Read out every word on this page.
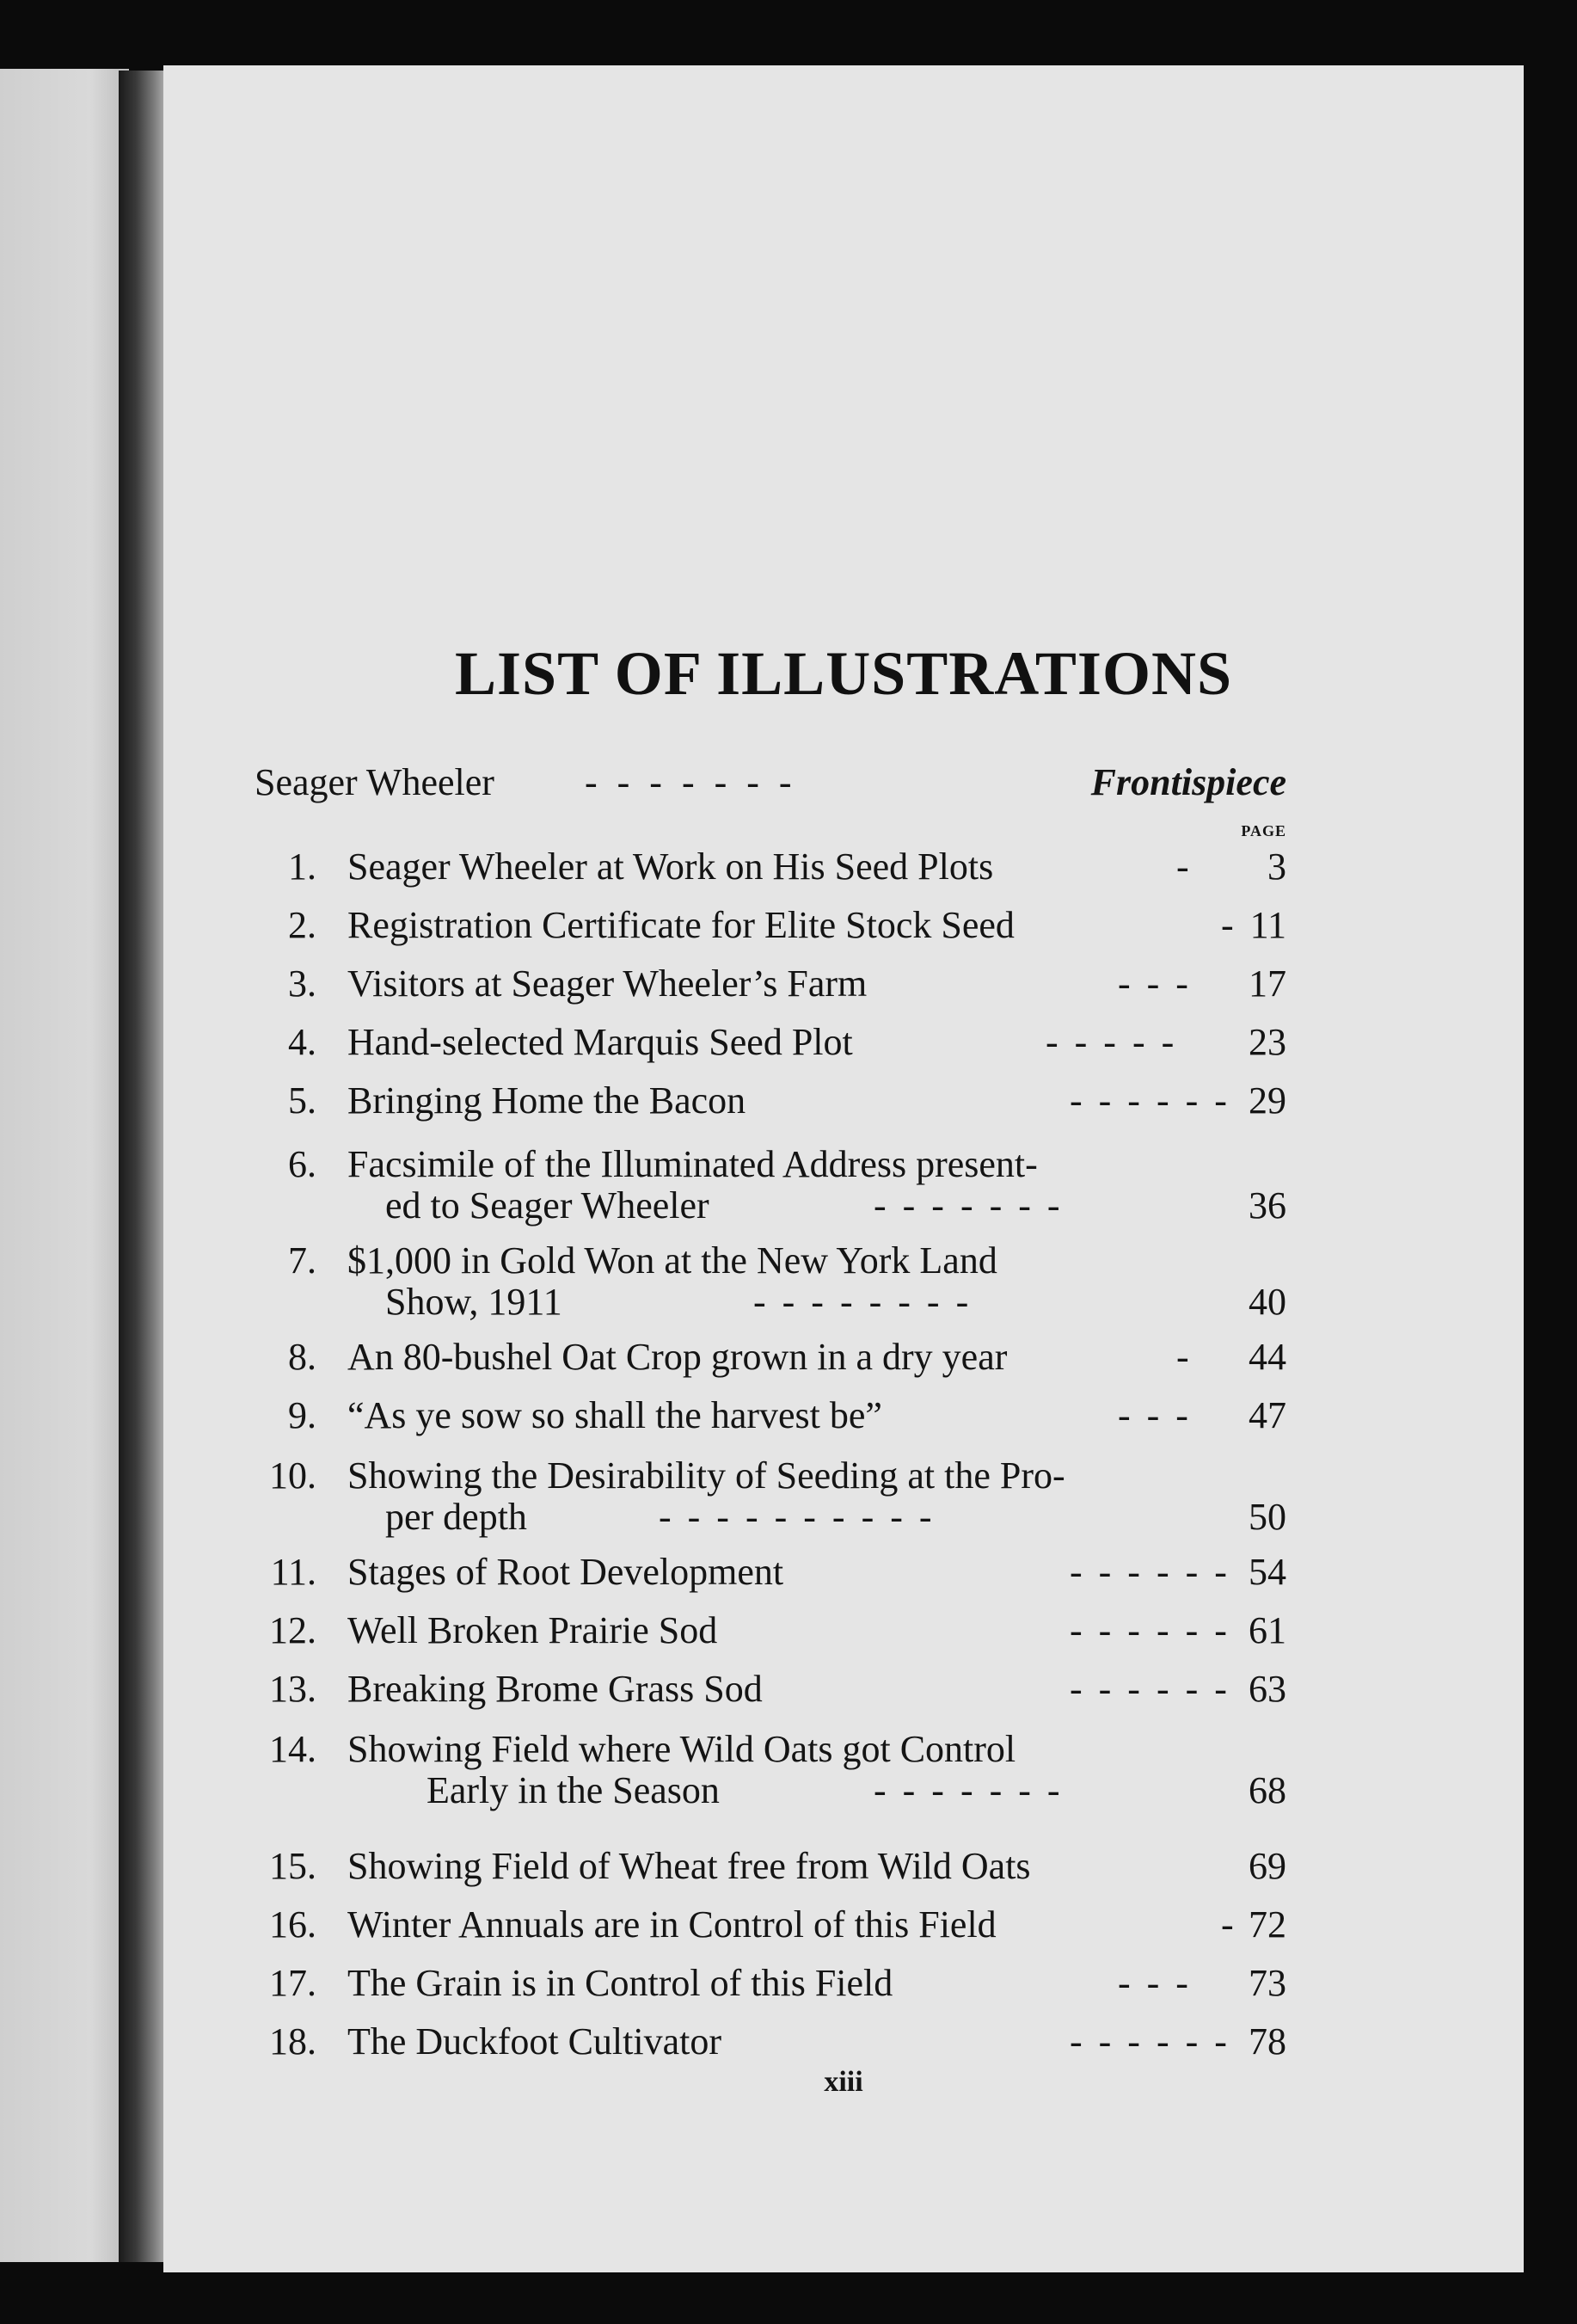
LIST OF ILLUSTRATIONS
Seager Wheeler - - - - - - -	Frontispiece
PAGE
1. Seager Wheeler at Work on His Seed Plots	-	3
2. Registration Certificate for Elite Stock Seed	- 11
3. Visitors at Seager Wheeler’s Farm	- - -	17
4. Hand-selected Marquis Seed Plot	- - - - -	23
5. Bringing Home the Bacon	- - - - - - 29
6. Facsimile of the Illuminated Address present-
ed to Seager Wheeler	- - - - - - -	36
7. $1,000 in Gold Won at the New York Land
Show, 1911	- - - - - - - -	40
8. An 80-bushel Oat Crop grown in a dry year	-	44
9. “As ye sow so shall the harvest be”	- - -	47
10. Showing the Desirability of Seeding at the Pro-
per depth	- - - - - - - - - -	50
11. Stages of Root Development	- - - - - - 54
12. Well Broken Prairie Sod	- - - - - - 61
13. Breaking Brome Grass Sod	- - - - - - 63
14. Showing Field where Wild Oats got Control
Early in the Season	- - - - - - -	68
15. Showing Field of Wheat free from Wild Oats	69
16. Winter Annuals are in Control of this Field	- 72
17. The Grain is in Control of this Field	- - -	73
18. The Duckfoot Cultivator	- - - - - - 78
xiii
